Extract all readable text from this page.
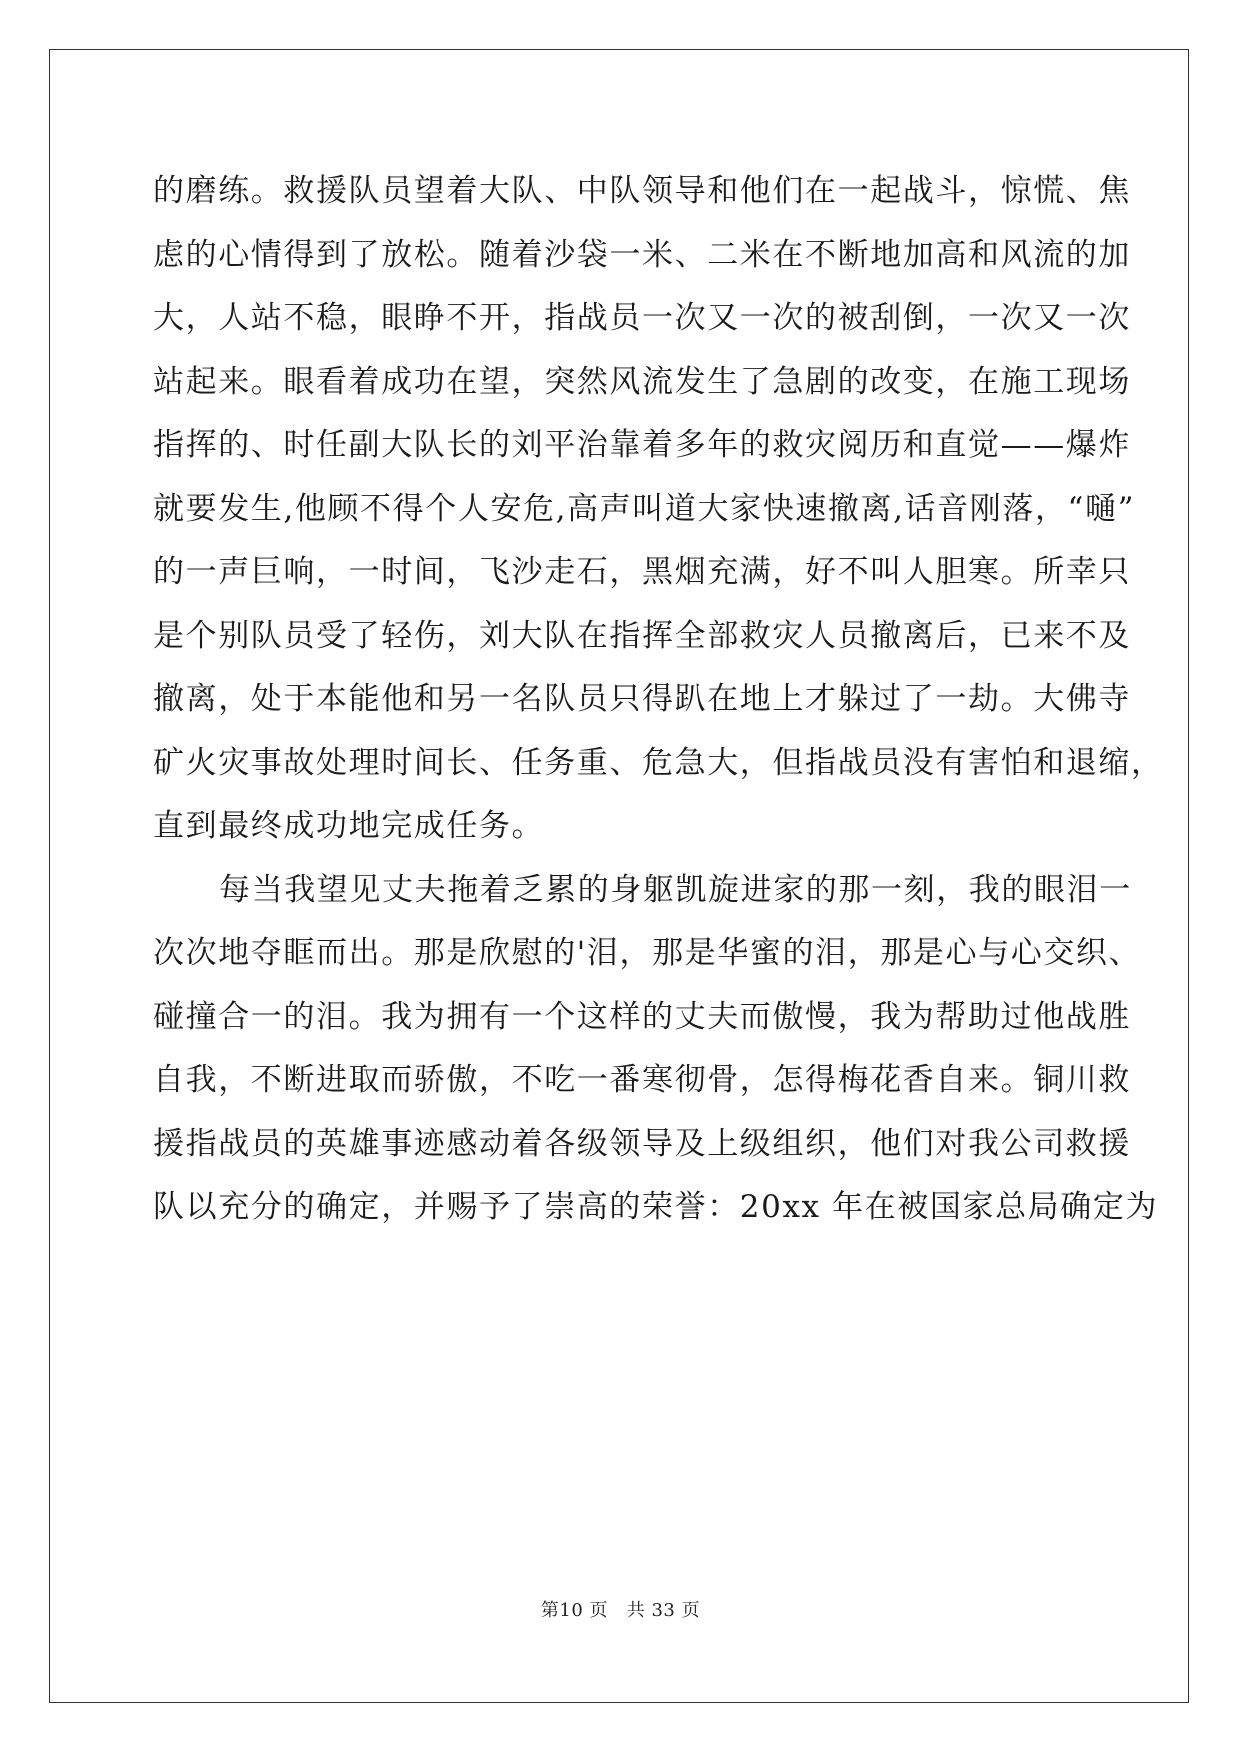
的磨练。救援队员望着大队、中队领导和他们在一起战斗，惊慌、焦
虑的心情得到了放松。随着沙袋一米、二米在不断地加高和风流的加
大，人站不稳，眼睁不开，指战员一次又一次的被刮倒，一次又一次
站起来。眼看着成功在望，突然风流发生了急剧的改变，在施工现场
指挥的、时任副大队长的刘平治靠着多年的救灾阅历和直觉——爆炸
就要发生,他顾不得个人安危,高声叫道大家快速撤离,话音刚落，“嗵”
的一声巨响，一时间，飞沙走石，黑烟充满，好不叫人胆寒。所幸只
是个别队员受了轻伤，刘大队在指挥全部救灾人员撤离后，已来不及
撤离，处于本能他和另一名队员只得趴在地上才躲过了一劫。大佛寺
矿火灾事故处理时间长、任务重、危急大，但指战员没有害怕和退缩，
直到最终成功地完成任务。
每当我望见丈夫拖着乏累的身躯凯旋进家的那一刻，我的眼泪一
次次地夺眶而出。那是欣慰的'泪，那是华蜜的泪，那是心与心交织、
碰撞合一的泪。我为拥有一个这样的丈夫而傲慢，我为帮助过他战胜
自我，不断进取而骄傲，不吃一番寒彻骨，怎得梅花香自来。铜川救
援指战员的英雄事迹感动着各级领导及上级组织，他们对我公司救援
队以充分的确定，并赐予了崇高的荣誉：20xx 年在被国家总局确定为
第10 页 共 33 页
